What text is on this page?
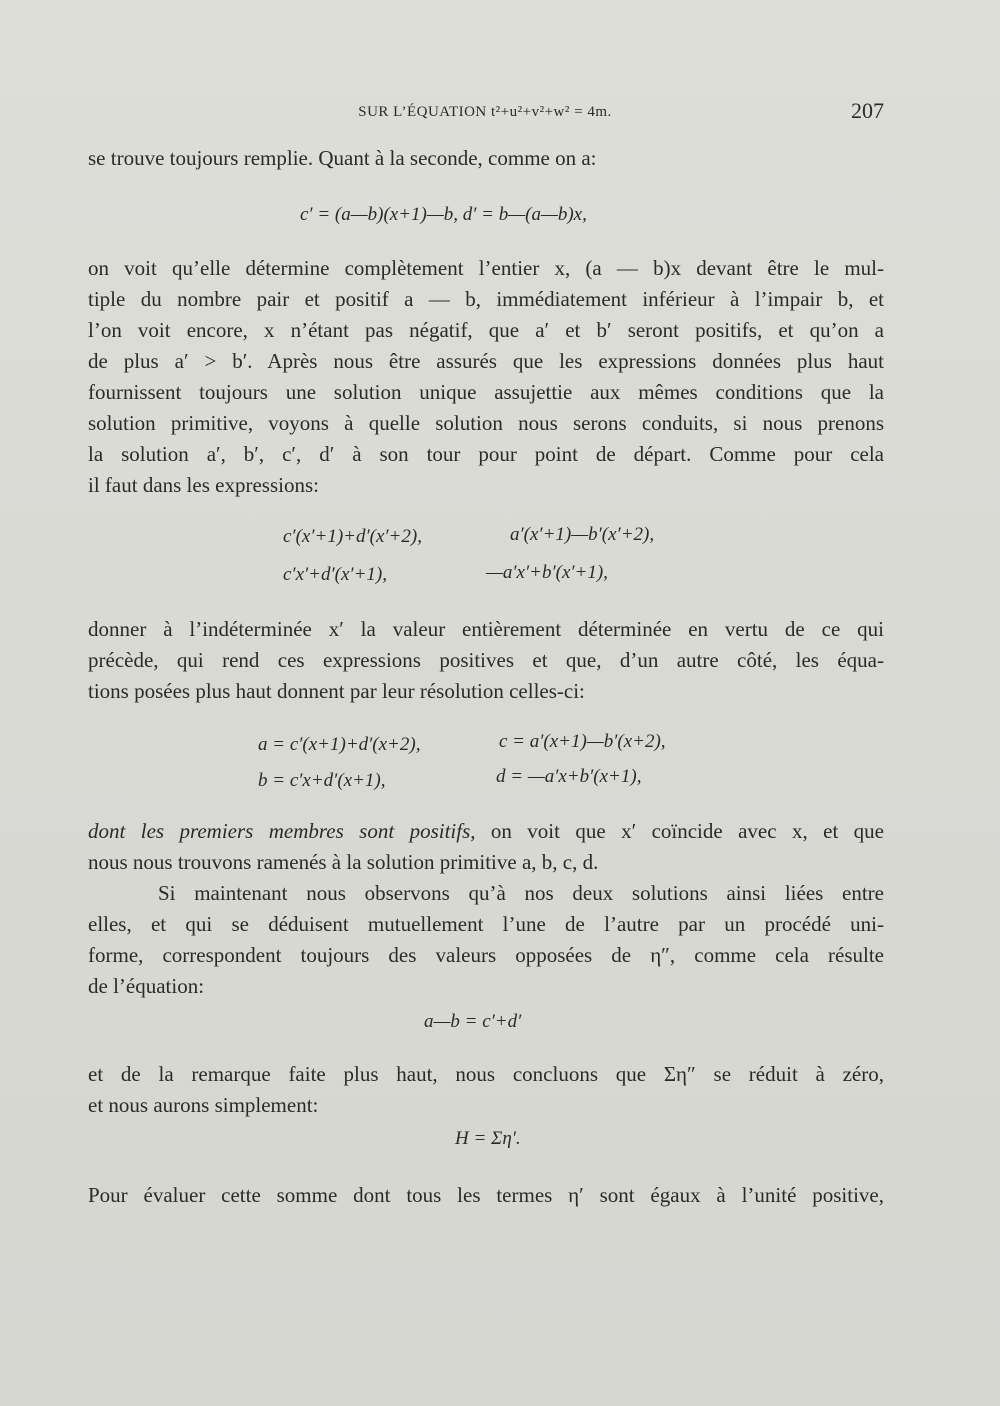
SUR L’ÉQUATION t²+u²+v²+w² = 4m.	207
se trouve toujours remplie. Quant à la seconde, comme on a:
c′ = (a—b)(x+1)—b, d′ = b—(a—b)x,
on voit qu’elle détermine complètement l’entier x, (a — b)x devant être le mul-
tiple du nombre pair et positif a — b, immédiatement inférieur à l’impair b, et
l’on voit encore, x n’étant pas négatif, que a′ et b′ seront positifs, et qu’on a
de plus a′ > b′. Après nous être assurés que les expressions données plus haut
fournissent toujours une solution unique assujettie aux mêmes conditions que la
solution primitive, voyons à quelle solution nous serons conduits, si nous prenons
la solution a′, b′, c′, d′ à son tour pour point de départ. Comme pour cela
il faut dans les expressions:
c′(x′+1)+d′(x′+2),	a′(x′+1)—b′(x′+2),
c′x′+d′(x′+1),	—a′x′+b′(x′+1),
donner à l’indéterminée x′ la valeur entièrement déterminée en vertu de ce qui
précède, qui rend ces expressions positives et que, d’un autre côté, les équa-
tions posées plus haut donnent par leur résolution celles-ci:
a = c′(x+1)+d′(x+2),	c = a′(x+1)—b′(x+2),
b = c′x+d′(x+1),	d = —a′x+b′(x+1),
dont les premiers membres sont positifs, on voit que x′ coïncide avec x, et que
nous nous trouvons ramenés à la solution primitive a, b, c, d.
Si maintenant nous observons qu’à nos deux solutions ainsi liées entre
elles, et qui se déduisent mutuellement l’une de l’autre par un procédé uni-
forme, correspondent toujours des valeurs opposées de η″, comme cela résulte
de l’équation:
a—b = c′+d′
et de la remarque faite plus haut, nous concluons que Ση″ se réduit à zéro,
et nous aurons simplement:
H = Ση′.
Pour évaluer cette somme dont tous les termes η′ sont égaux à l’unité positive,
